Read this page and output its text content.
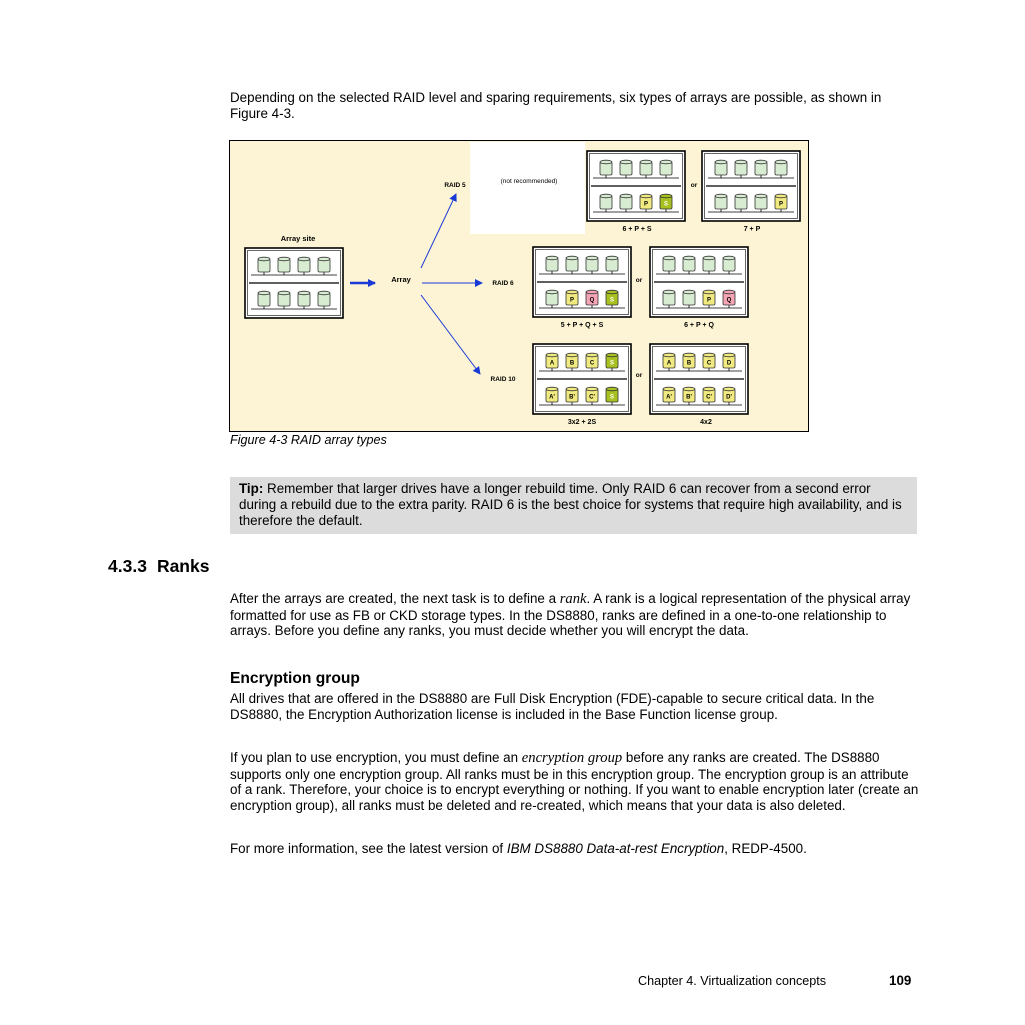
Depending on the selected RAID level and sparing requirements, six types of arrays are possible, as shown in Figure 4-3.
(not recommended)
Array site
Array
RAID 5
RAID 6
RAID 10
P	S
or
P
6 + P + S	7 + P
P	Q	S
or
P	Q
5 + P + Q + S	6 + P + Q
A	B	C	S
A' B' C'	S
or
A	B	C	D
A' B' C' D'
3x2 + 2S	4x2
Figure 4-3 RAID array types
Tip: Remember that larger drives have a longer rebuild time. Only RAID 6 can recover from a second error during a rebuild due to the extra parity. RAID 6 is the best choice for systems that require high availability, and is therefore the default.
4.3.3 Ranks
After the arrays are created, the next task is to define a rank. A rank is a logical representation of the physical array formatted for use as FB or CKD storage types. In the DS8880, ranks are defined in a one-to-one relationship to arrays. Before you define any ranks, you must decide whether you will encrypt the data.
Encryption group
All drives that are offered in the DS8880 are Full Disk Encryption (FDE)-capable to secure critical data. In the DS8880, the Encryption Authorization license is included in the Base Function license group.
If you plan to use encryption, you must define an encryption group before any ranks are created. The DS8880 supports only one encryption group. All ranks must be in this encryption group. The encryption group is an attribute of a rank. Therefore, your choice is to encrypt everything or nothing. If you want to enable encryption later (create an encryption group), all ranks must be deleted and re-created, which means that your data is also deleted.
For more information, see the latest version of IBM DS8880 Data-at-rest Encryption, REDP-4500.
Chapter 4. Virtualization concepts	109
